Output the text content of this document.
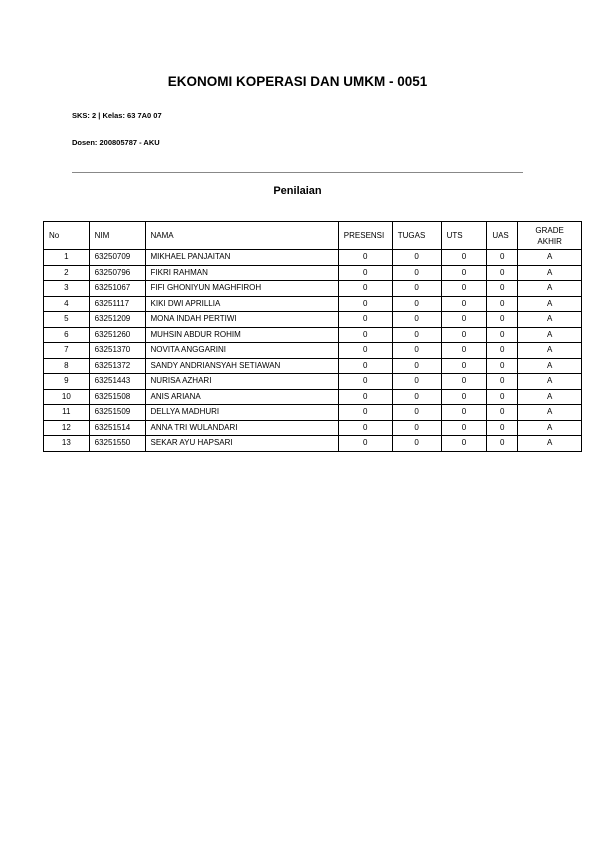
EKONOMI KOPERASI DAN UMKM - 0051
SKS: 2 | Kelas: 63 7A0 07
Dosen: 200805787 - AKU
Penilaian
No	NIM	NAMA	PRESENSI	TUGAS	UTS	UAS	GRADE
AKHIR
1	63250709	MIKHAEL PANJAITAN	0	0	0	0	A
2	63250796	FIKRI RAHMAN	0	0	0	0	A
3	63251067	FIFI GHONIYUN MAGHFIROH	0	0	0	0	A
4	63251117	KIKI DWI APRILLIA	0	0	0	0	A
5	63251209	MONA INDAH PERTIWI	0	0	0	0	A
6	63251260	MUHSIN ABDUR ROHIM	0	0	0	0	A
7	63251370	NOVITA ANGGARINI	0	0	0	0	A
8	63251372	SANDY ANDRIANSYAH SETIAWAN	0	0	0	0	A
9	63251443	NURISA AZHARI	0	0	0	0	A
10	63251508	ANIS ARIANA	0	0	0	0	A
11	63251509	DELLYA MADHURI	0	0	0	0	A
12	63251514	ANNA TRI WULANDARI	0	0	0	0	A
13	63251550	SEKAR AYU HAPSARI	0	0	0	0	A
